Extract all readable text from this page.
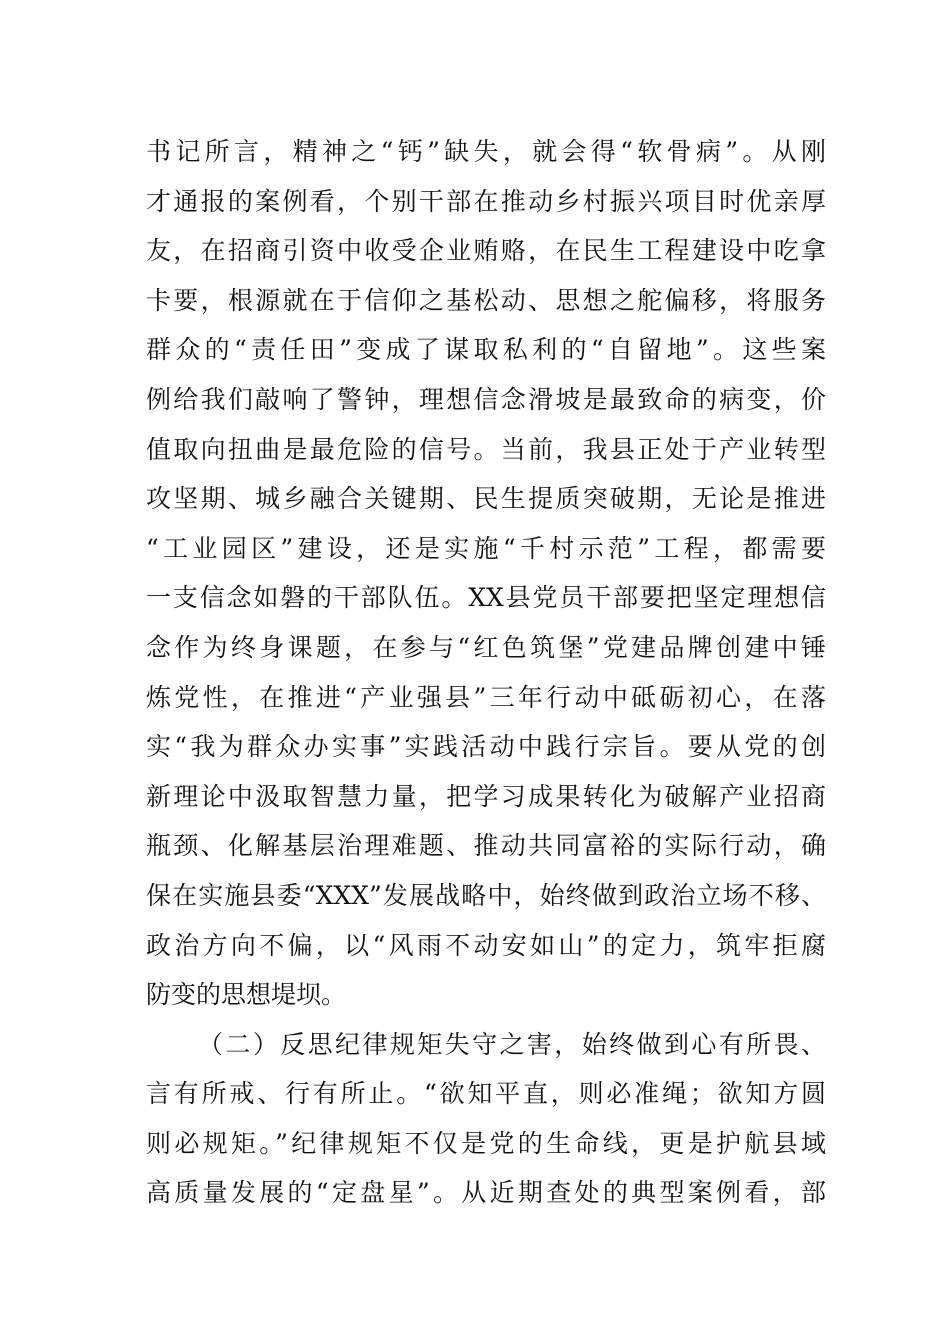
书记所言，精神之“钙”缺失，就会得“软骨病”。从刚
才通报的案例看，个别干部在推动乡村振兴项目时优亲厚
友，在招商引资中收受企业贿赂，在民生工程建设中吃拿
卡要，根源就在于信仰之基松动、思想之舵偏移，将服务
群众的“责任田”变成了谋取私利的“自留地”。这些案
例给我们敲响了警钟，理想信念滑坡是最致命的病变，价
值取向扭曲是最危险的信号。当前，我县正处于产业转型
攻坚期、城乡融合关键期、民生提质突破期，无论是推进
“工业园区”建设，还是实施“千村示范”工程，都需要
一支信念如磐的干部队伍。XX县党员干部要把坚定理想信
念作为终身课题，在参与“红色筑堡”党建品牌创建中锤
炼党性，在推进“产业强县”三年行动中砥砺初心，在落
实“我为群众办实事”实践活动中践行宗旨。要从党的创
新理论中汲取智慧力量，把学习成果转化为破解产业招商
瓶颈、化解基层治理难题、推动共同富裕的实际行动，确
保在实施县委“XXX”发展战略中，始终做到政治立场不移、
政治方向不偏，以“风雨不动安如山”的定力，筑牢拒腐
防变的思想堤坝。
（二）反思纪律规矩失守之害，始终做到心有所畏、
言有所戒、行有所止。“欲知平直，则必准绳；欲知方圆
则必规矩。”纪律规矩不仅是党的生命线，更是护航县域
高质量发展的“定盘星”。从近期查处的典型案例看，部
